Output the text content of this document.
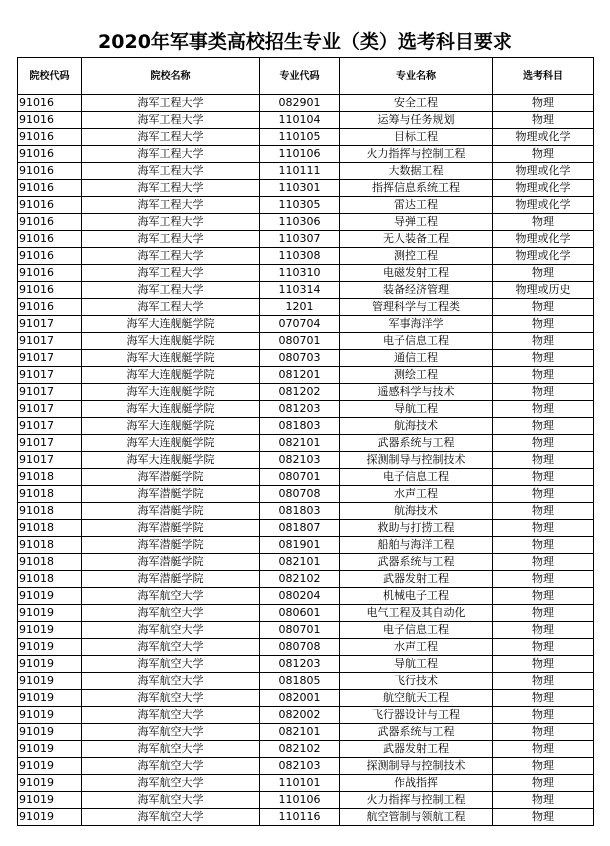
2020年军事类高校招生专业（类）选考科目要求
院校代码	院校名称	专业代码	专业名称	选考科目
91016	海军工程大学	082901	安全工程	物理
91016	海军工程大学	110104	运筹与任务规划	物理
91016	海军工程大学	110105	目标工程	物理或化学
91016	海军工程大学	110106	火力指挥与控制工程	物理
91016	海军工程大学	110111	大数据工程	物理或化学
91016	海军工程大学	110301	指挥信息系统工程	物理或化学
91016	海军工程大学	110305	雷达工程	物理或化学
91016	海军工程大学	110306	导弹工程	物理
91016	海军工程大学	110307	无人装备工程	物理或化学
91016	海军工程大学	110308	测控工程	物理或化学
91016	海军工程大学	110310	电磁发射工程	物理
91016	海军工程大学	110314	装备经济管理	物理或历史
91016	海军工程大学	1201	管理科学与工程类	物理
91017	海军大连舰艇学院	070704	军事海洋学	物理
91017	海军大连舰艇学院	080701	电子信息工程	物理
91017	海军大连舰艇学院	080703	通信工程	物理
91017	海军大连舰艇学院	081201	测绘工程	物理
91017	海军大连舰艇学院	081202	遥感科学与技术	物理
91017	海军大连舰艇学院	081203	导航工程	物理
91017	海军大连舰艇学院	081803	航海技术	物理
91017	海军大连舰艇学院	082101	武器系统与工程	物理
91017	海军大连舰艇学院	082103	探测制导与控制技术	物理
91018	海军潜艇学院	080701	电子信息工程	物理
91018	海军潜艇学院	080708	水声工程	物理
91018	海军潜艇学院	081803	航海技术	物理
91018	海军潜艇学院	081807	救助与打捞工程	物理
91018	海军潜艇学院	081901	船舶与海洋工程	物理
91018	海军潜艇学院	082101	武器系统与工程	物理
91018	海军潜艇学院	082102	武器发射工程	物理
91019	海军航空大学	080204	机械电子工程	物理
91019	海军航空大学	080601	电气工程及其自动化	物理
91019	海军航空大学	080701	电子信息工程	物理
91019	海军航空大学	080708	水声工程	物理
91019	海军航空大学	081203	导航工程	物理
91019	海军航空大学	081805	飞行技术	物理
91019	海军航空大学	082001	航空航天工程	物理
91019	海军航空大学	082002	飞行器设计与工程	物理
91019	海军航空大学	082101	武器系统与工程	物理
91019	海军航空大学	082102	武器发射工程	物理
91019	海军航空大学	082103	探测制导与控制技术	物理
91019	海军航空大学	110101	作战指挥	物理
91019	海军航空大学	110106	火力指挥与控制工程	物理
91019	海军航空大学	110116	航空管制与领航工程	物理
